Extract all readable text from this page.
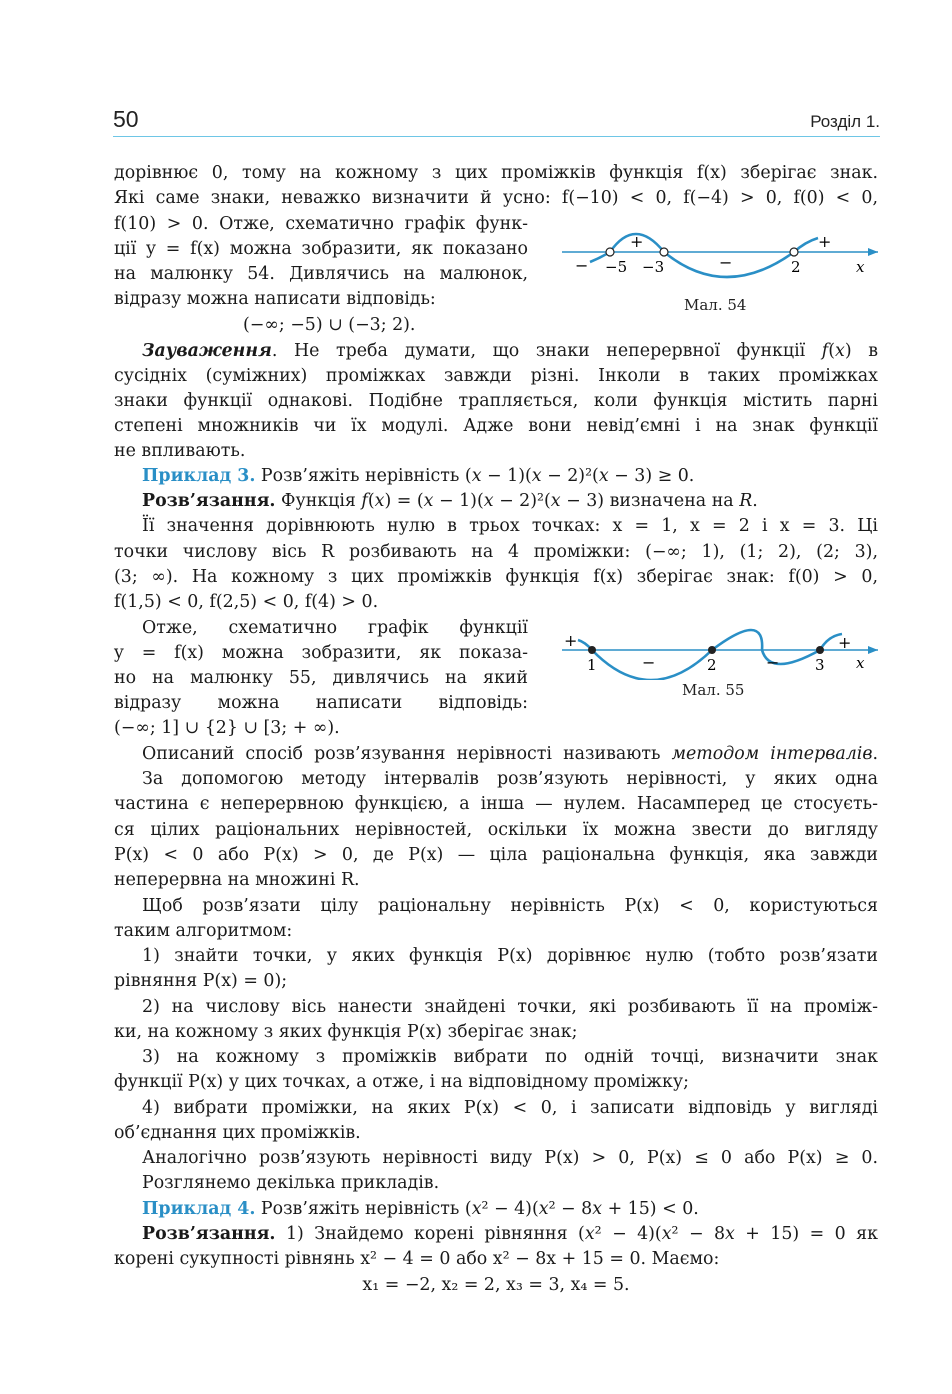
50	Розділ 1.
дорівнює 0, тому на кожному з цих проміжків функція f(x) зберігає знак.
Які саме знаки, неважко визначити й усно: f(−10) < 0, f(−4) > 0, f(0) < 0,
f(10) > 0. Отже, схематично графік функ-
ції y = f(x) можна зобразити, як показано
на малюнку 54. Дивлячись на малюнок,
відразу можна написати відповідь:
(−∞; −5) ∪ (−3; 2).
−
+
−
+
−5 −3	2	x
Мал. 54
Зауваження. Не треба думати, що знаки неперервної функції f(x) в
сусідніх (суміжних) проміжках завжди різні. Інколи в таких проміжках
знаки функції однакові. Подібне трапляється, коли функція містить парні
степені множників чи їх модулі. Адже вони невід’ємні і на знак функції
не впливають.
Приклад 3. Розв’яжіть нерівність (x − 1)(x − 2)²(x − 3) ≥ 0.
Розв’язання. Функція f(x) = (x − 1)(x − 2)²(x − 3) визначена на R.
Її значення дорівнюють нулю в трьох точках: x = 1, x = 2 і x = 3. Ці
точки числову вісь R розбивають на 4 проміжки: (−∞; 1), (1; 2), (2; 3),
(3; ∞). На кожному з цих проміжків функція f(x) зберігає знак: f(0) > 0,
f(1,5) < 0, f(2,5) < 0, f(4) > 0.
Отже, схематично графік функції
y = f(x) можна зобразити, як показа-
но на малюнку 55, дивлячись на який
відразу можна написати відповідь:
(−∞; 1] ∪ {2} ∪ [3; + ∞).
+
−	−
+
1	2	3 x
Мал. 55
Описаний спосіб розв’язування нерівності називають методом інтервалів.
За допомогою методу інтервалів розв’язують нерівності, у яких одна
частина є неперервною функцією, а інша — нулем. Насамперед це стосуєть-
ся цілих раціональних нерівностей, оскільки їх можна звести до вигляду
P(x) < 0 або P(x) > 0, де P(x) — ціла раціональна функція, яка завжди
неперервна на множині R.
Щоб розв’язати цілу раціональну нерівність P(x) < 0, користуються
таким алгоритмом:
1) знайти точки, у яких функція P(x) дорівнює нулю (тобто розв’язати
рівняння P(x) = 0);
2) на числову вісь нанести знайдені точки, які розбивають її на промiж-
ки, на кожному з яких функція P(x) зберігає знак;
3) на кожному з проміжків вибрати по одній точці, визначити знак
функції P(x) у цих точках, а отже, і на відповідному проміжку;
4) вибрати проміжки, на яких P(x) < 0, і записати відповідь у вигляді
об’єднання цих проміжків.
Аналогічно розв’язують нерівності виду P(x) > 0, P(x) ≤ 0 або P(x) ≥ 0.
Розглянемо декілька прикладів.
Приклад 4. Розв’яжіть нерівність (x² − 4)(x² − 8x + 15) < 0.
Розв’язання. 1) Знайдемо корені рівняння (x² − 4)(x² − 8x + 15) = 0 як
корені сукупності рівнянь x² − 4 = 0 або x² − 8x + 15 = 0. Маємо:
x₁ = −2, x₂ = 2, x₃ = 3, x₄ = 5.
